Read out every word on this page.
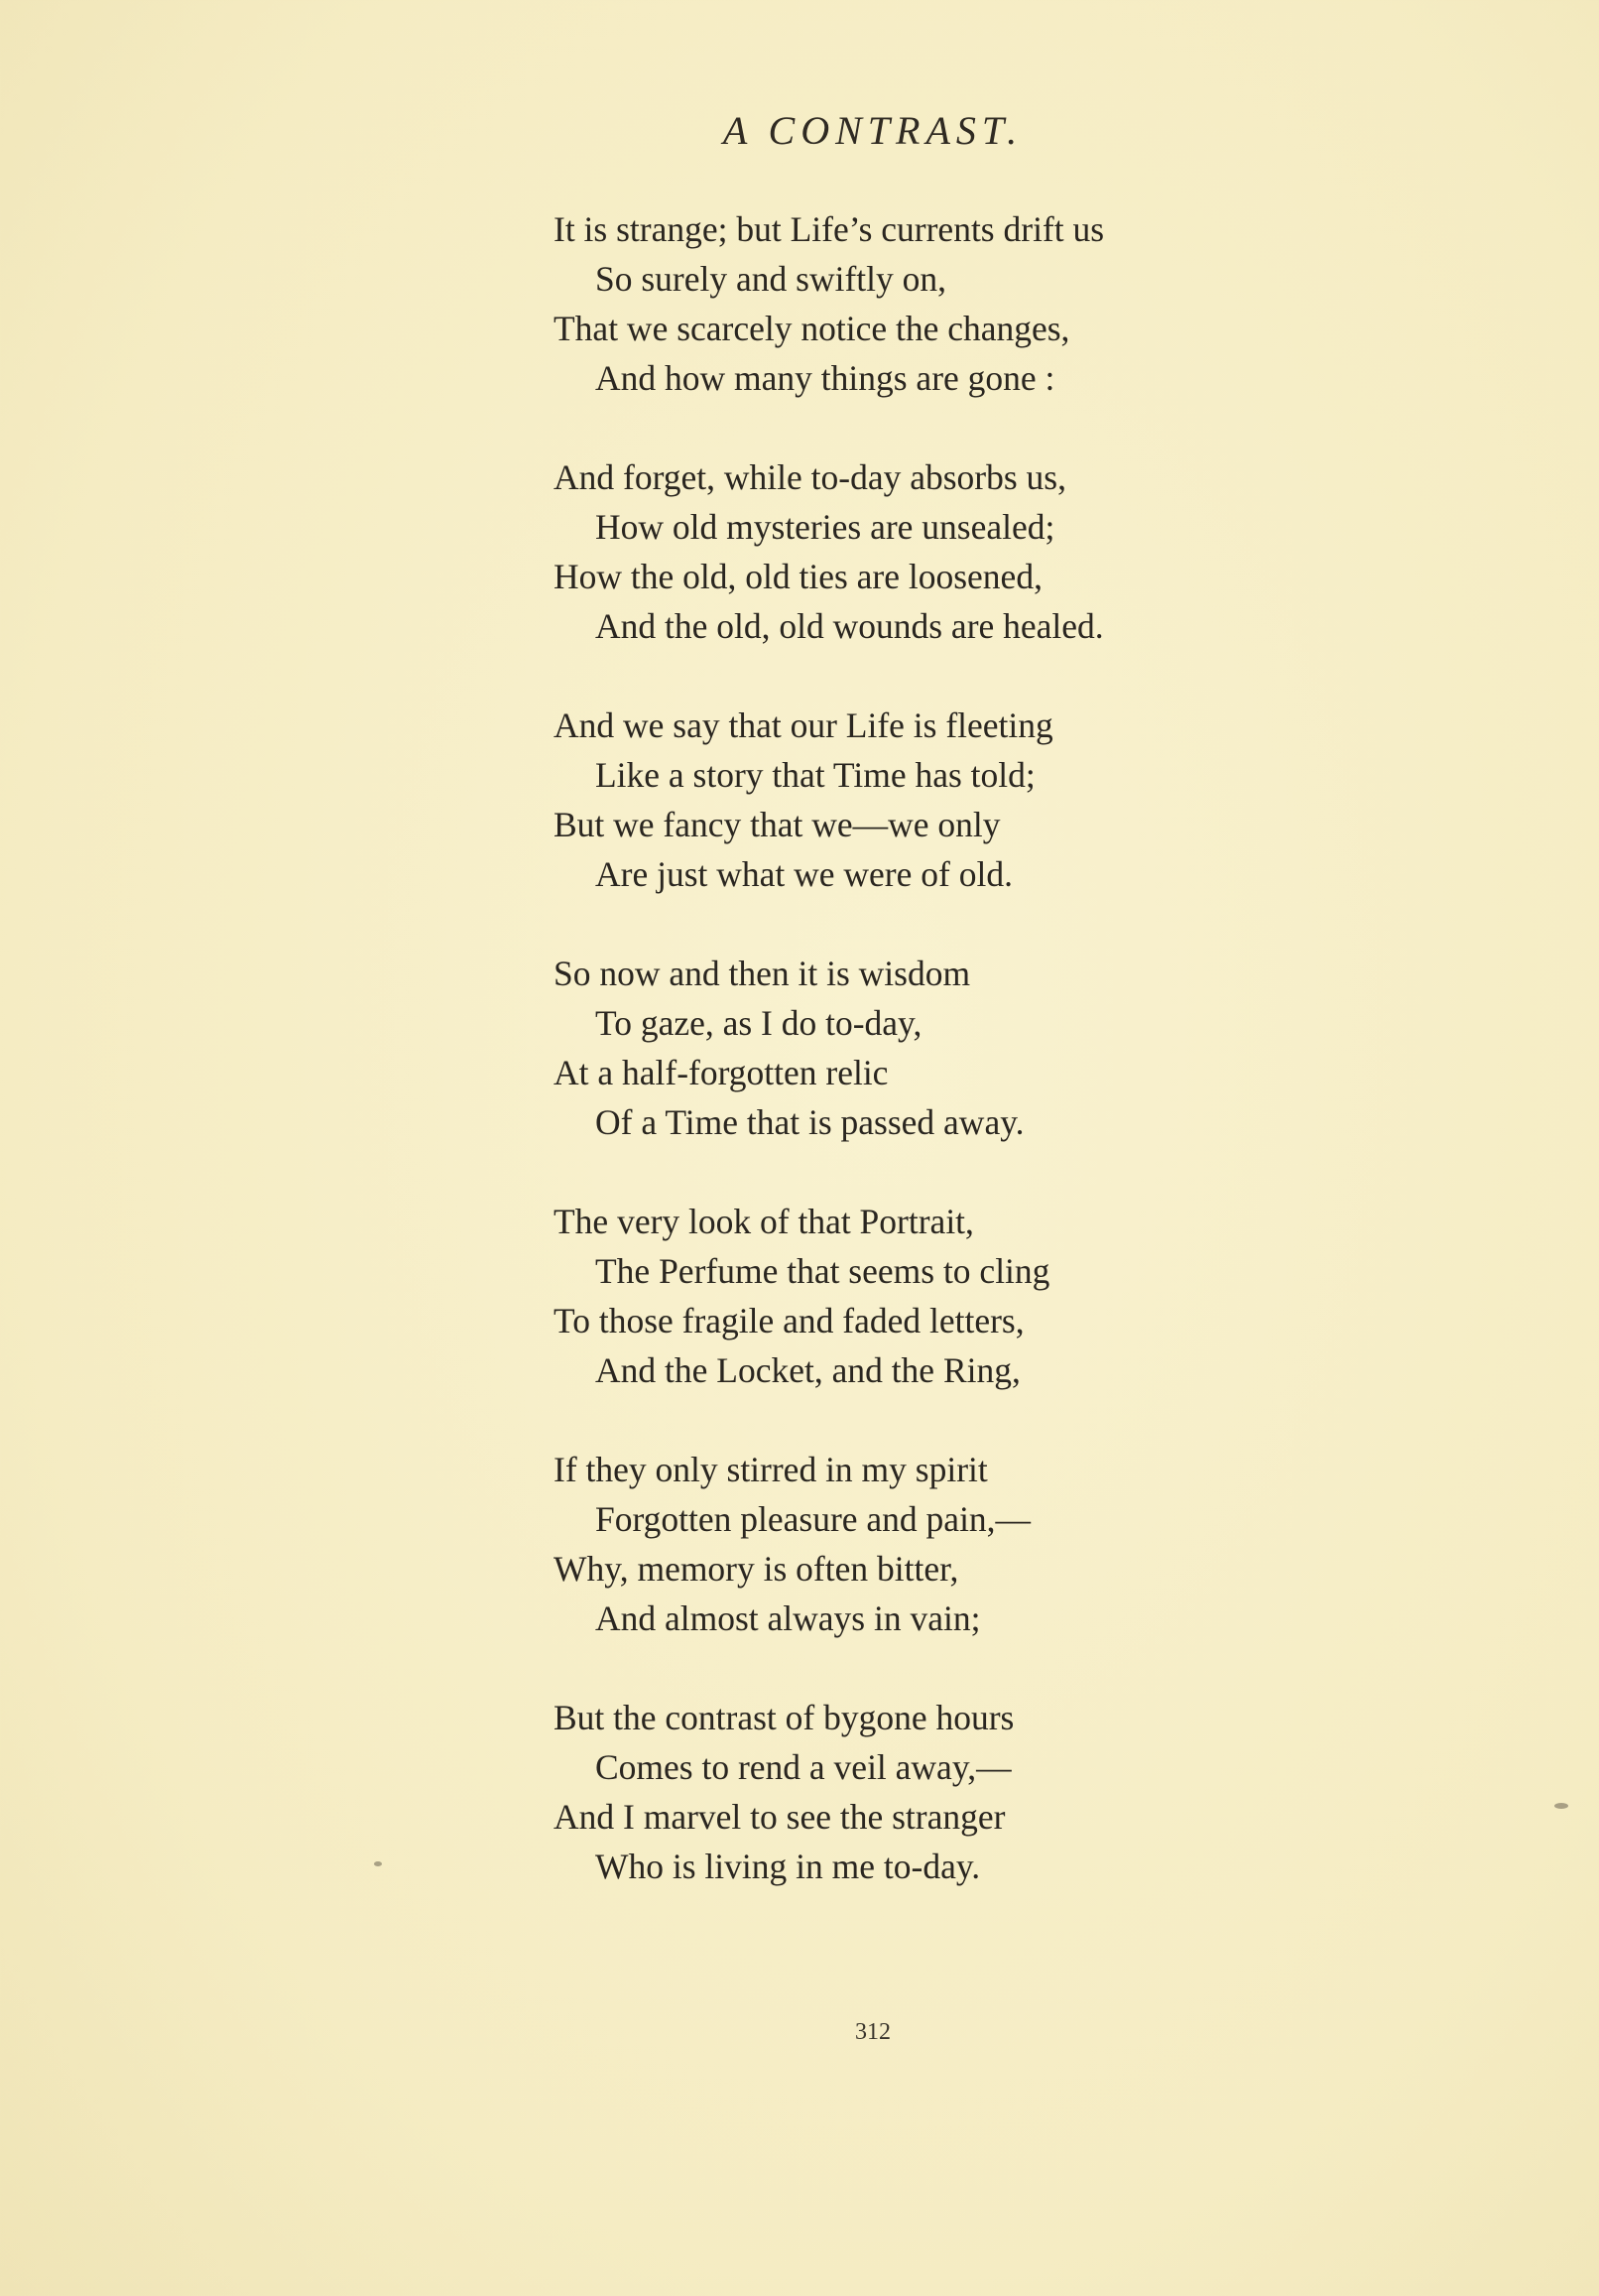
A CONTRAST.
It is strange; but Life’s currents drift us
So surely and swiftly on,
That we scarcely notice the changes,
And how many things are gone :
And forget, while to-day absorbs us,
How old mysteries are unsealed;
How the old, old ties are loosened,
And the old, old wounds are healed.
And we say that our Life is fleeting
Like a story that Time has told;
But we fancy that we—we only
Are just what we were of old.
So now and then it is wisdom
To gaze, as I do to-day,
At a half-forgotten relic
Of a Time that is passed away.
The very look of that Portrait,
The Perfume that seems to cling
To those fragile and faded letters,
And the Locket, and the Ring,
If they only stirred in my spirit
Forgotten pleasure and pain,—
Why, memory is often bitter,
And almost always in vain;
But the contrast of bygone hours
Comes to rend a veil away,—
And I marvel to see the stranger
Who is living in me to-day.
312
